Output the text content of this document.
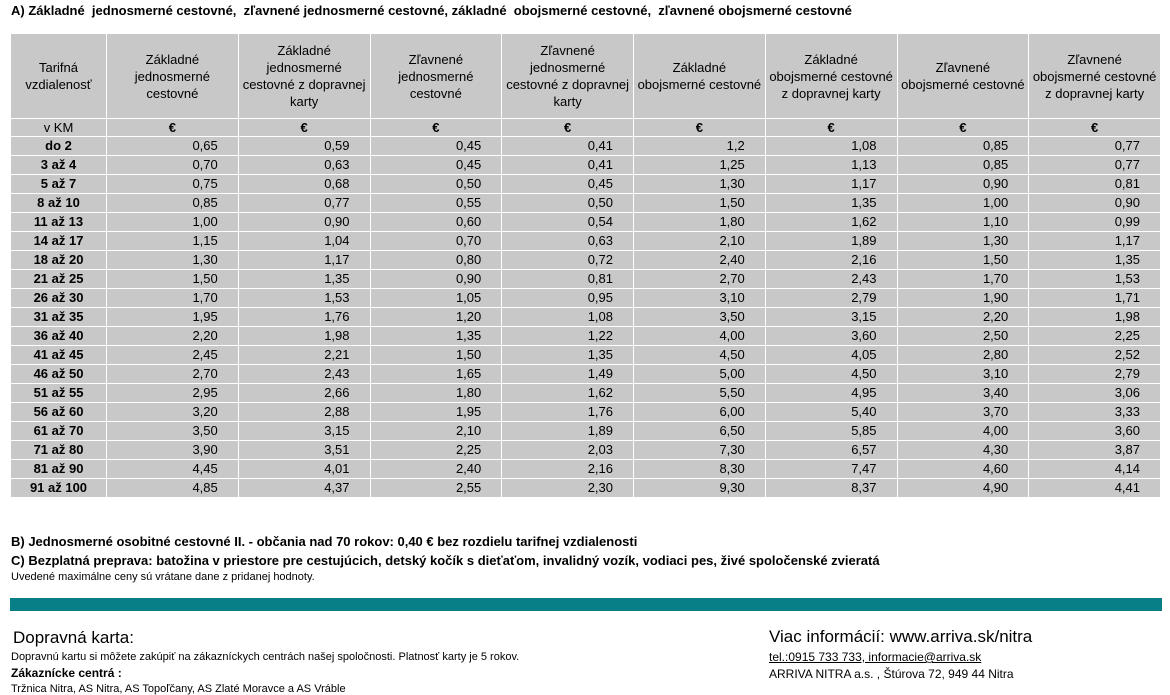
A) Základné  jednosmerné cestovné,  zľavnené jednosmerné cestovné, základné  obojsmerné cestovné,  zľavnené obojsmerné cestovné
Tarifná vzdialenosť	Základné jednosmerné cestovné	Základné jednosmerné cestovné z dopravnej karty	Zľavnené jednosmerné cestovné	Zľavnené jednosmerné cestovné z dopravnej karty	Základné obojsmerné cestovné	Základné obojsmerné cestovné z dopravnej karty	Zľavnené obojsmerné cestovné	Zľavnené obojsmerné cestovné z dopravnej karty
v KM	€	€	€	€	€	€	€	€
do 2	0,65	0,59	0,45	0,41	1,2	1,08	0,85	0,77
3 až 4	0,70	0,63	0,45	0,41	1,25	1,13	0,85	0,77
5 až 7	0,75	0,68	0,50	0,45	1,30	1,17	0,90	0,81
8 až 10	0,85	0,77	0,55	0,50	1,50	1,35	1,00	0,90
11 až 13	1,00	0,90	0,60	0,54	1,80	1,62	1,10	0,99
14 až 17	1,15	1,04	0,70	0,63	2,10	1,89	1,30	1,17
18 až 20	1,30	1,17	0,80	0,72	2,40	2,16	1,50	1,35
21 až 25	1,50	1,35	0,90	0,81	2,70	2,43	1,70	1,53
26 až 30	1,70	1,53	1,05	0,95	3,10	2,79	1,90	1,71
31 až 35	1,95	1,76	1,20	1,08	3,50	3,15	2,20	1,98
36 až 40	2,20	1,98	1,35	1,22	4,00	3,60	2,50	2,25
41 až 45	2,45	2,21	1,50	1,35	4,50	4,05	2,80	2,52
46 až 50	2,70	2,43	1,65	1,49	5,00	4,50	3,10	2,79
51 až 55	2,95	2,66	1,80	1,62	5,50	4,95	3,40	3,06
56 až 60	3,20	2,88	1,95	1,76	6,00	5,40	3,70	3,33
61 až 70	3,50	3,15	2,10	1,89	6,50	5,85	4,00	3,60
71 až 80	3,90	3,51	2,25	2,03	7,30	6,57	4,30	3,87
81 až 90	4,45	4,01	2,40	2,16	8,30	7,47	4,60	4,14
91 až 100	4,85	4,37	2,55	2,30	9,30	8,37	4,90	4,41
B) Jednosmerné osobitné cestovné II. - občania nad 70 rokov: 0,40 € bez rozdielu tarifnej vzdialenosti
C) Bezplatná preprava: batožina v priestore pre cestujúcich, detský kočík s dieťaťom, invalidný vozík, vodiaci pes, živé spoločenské zvieratá
Uvedené maximálne ceny sú vrátane dane z pridanej hodnoty.
Dopravná karta:
Dopravnú kartu si môžete zakúpiť na zákazníckych centrách našej spoločnosti. Platnosť karty je 5 rokov.
Zákaznícke centrá :
Tržnica Nitra, AS Nitra, AS Topoľčany, AS Zlaté Moravce a AS Vráble
Viac informácií: www.arriva.sk/nitra
tel.:0915 733 733, informacie@arriva.sk
ARRIVA NITRA a.s. , Štúrova 72, 949 44 Nitra
